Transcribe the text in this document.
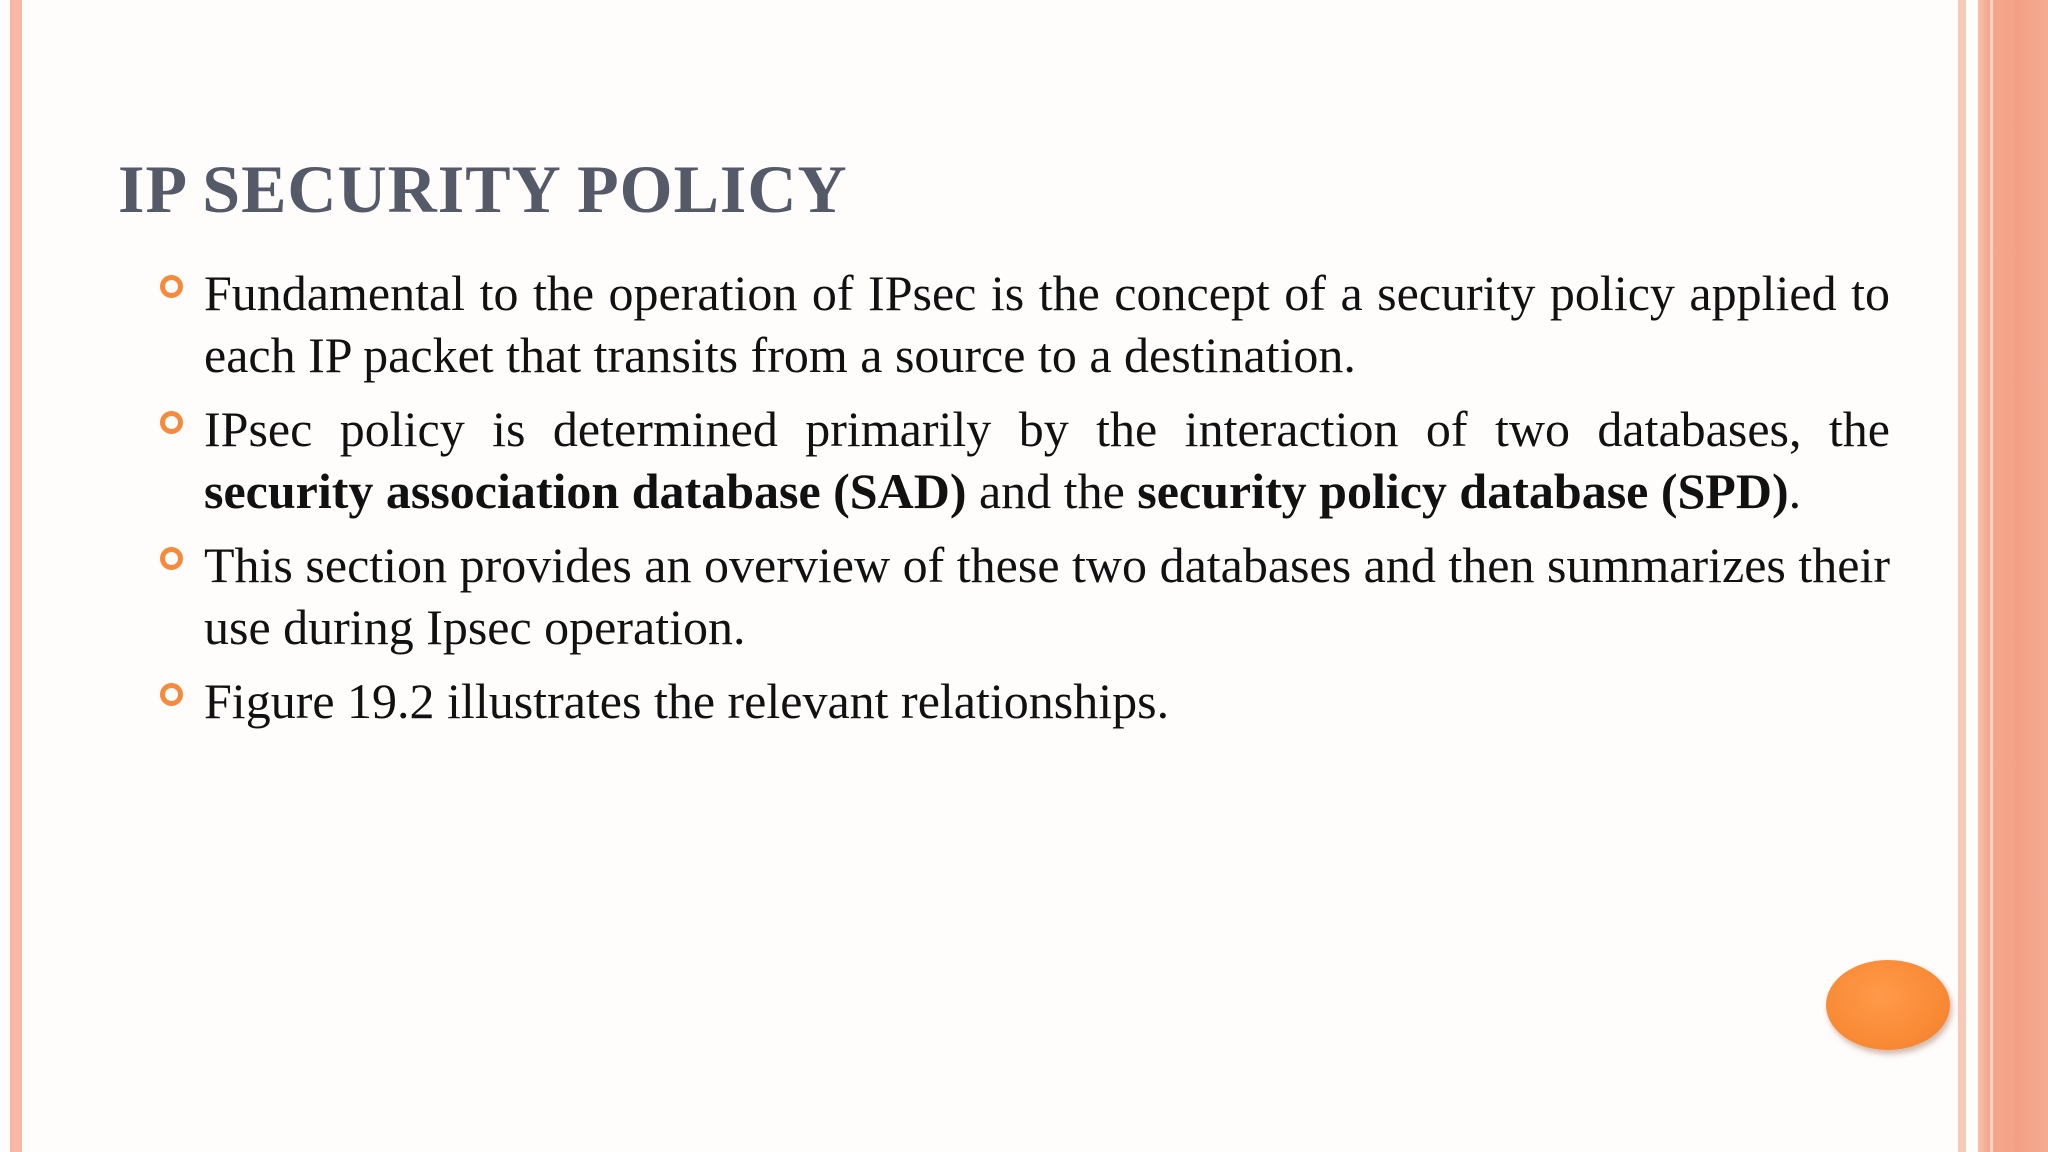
IP SECURITY POLICY
Fundamental to the operation of IPsec is the concept of a security policy applied to each IP packet that transits from a source to a destination.
IPsec policy is determined primarily by the interaction of two databases, the security association database (SAD) and the security policy database (SPD).
This section provides an overview of these two databases and then summarizes their use during Ipsec operation.
Figure 19.2 illustrates the relevant relationships.
